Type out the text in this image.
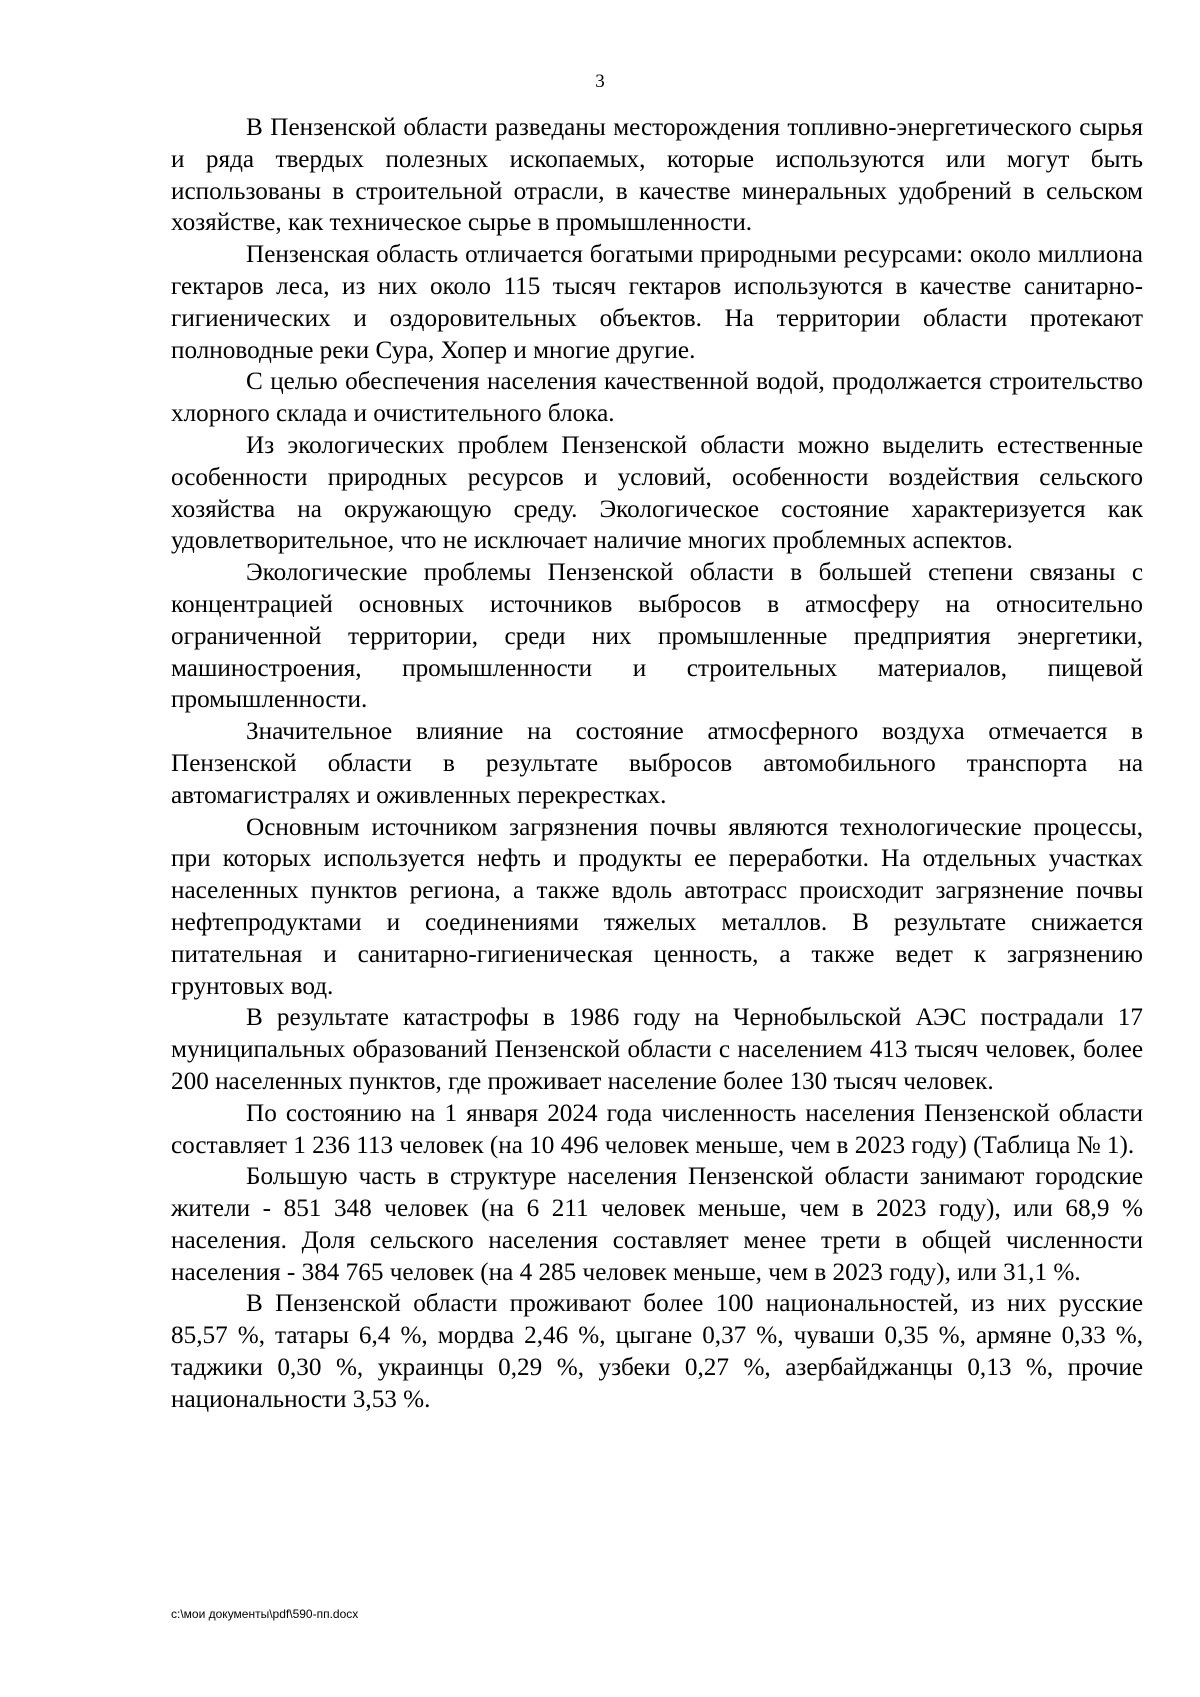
3

В Пензенской области разведаны месторождения топливно-энергетического сырья и ряда твердых полезных ископаемых, которые используются или могут быть использованы в строительной отрасли, в качестве минеральных удобрений в сельском хозяйстве, как техническое сырье в промышленности.

Пензенская область отличается богатыми природными ресурсами: около миллиона гектаров леса, из них около 115 тысяч гектаров используются в качестве санитарно-гигиенических и оздоровительных объектов. На территории области протекают полноводные реки Сура, Хопер и многие другие.

С целью обеспечения населения качественной водой, продолжается строительство хлорного склада и очистительного блока.

Из экологических проблем Пензенской области можно выделить естественные особенности природных ресурсов и условий, особенности воздействия сельского хозяйства на окружающую среду. Экологическое состояние характеризуется как удовлетворительное, что не исключает наличие многих проблемных аспектов.

Экологические проблемы Пензенской области в большей степени связаны с концентрацией основных источников выбросов в атмосферу на относительно ограниченной территории, среди них промышленные предприятия энергетики, машиностроения, промышленности и строительных материалов, пищевой промышленности.

Значительное влияние на состояние атмосферного воздуха отмечается в Пензенской области в результате выбросов автомобильного транспорта на автомагистралях и оживленных перекрестках.

Основным источником загрязнения почвы являются технологические процессы, при которых используется нефть и продукты ее переработки. На отдельных участках населенных пунктов региона, а также вдоль автотрасс происходит загрязнение почвы нефтепродуктами и соединениями тяжелых металлов. В результате снижается питательная и санитарно-гигиеническая ценность, а также ведет к загрязнению грунтовых вод.

В результате катастрофы в 1986 году на Чернобыльской АЭС пострадали 17 муниципальных образований Пензенской области с населением 413 тысяч человек, более 200 населенных пунктов, где проживает население более 130 тысяч человек.

По состоянию на 1 января 2024 года численность населения Пензенской области составляет 1 236 113 человек (на 10 496 человек меньше, чем в 2023 году) (Таблица № 1).

Большую часть в структуре населения Пензенской области занимают городские жители - 851 348 человек (на 6 211 человек меньше, чем в 2023 году), или 68,9 % населения. Доля сельского населения составляет менее трети в общей численности населения - 384 765 человек (на 4 285 человек меньше, чем в 2023 году), или 31,1 %.

В Пензенской области проживают более 100 национальностей, из них русские 85,57 %, татары 6,4 %, мордва 2,46 %, цыгане 0,37 %, чуваши 0,35 %, армяне 0,33 %, таджики 0,30 %, украинцы 0,29 %, узбеки 0,27 %, азербайджанцы 0,13 %, прочие национальности 3,53 %.

c:\мои документы\pdf\590-пп.docx
